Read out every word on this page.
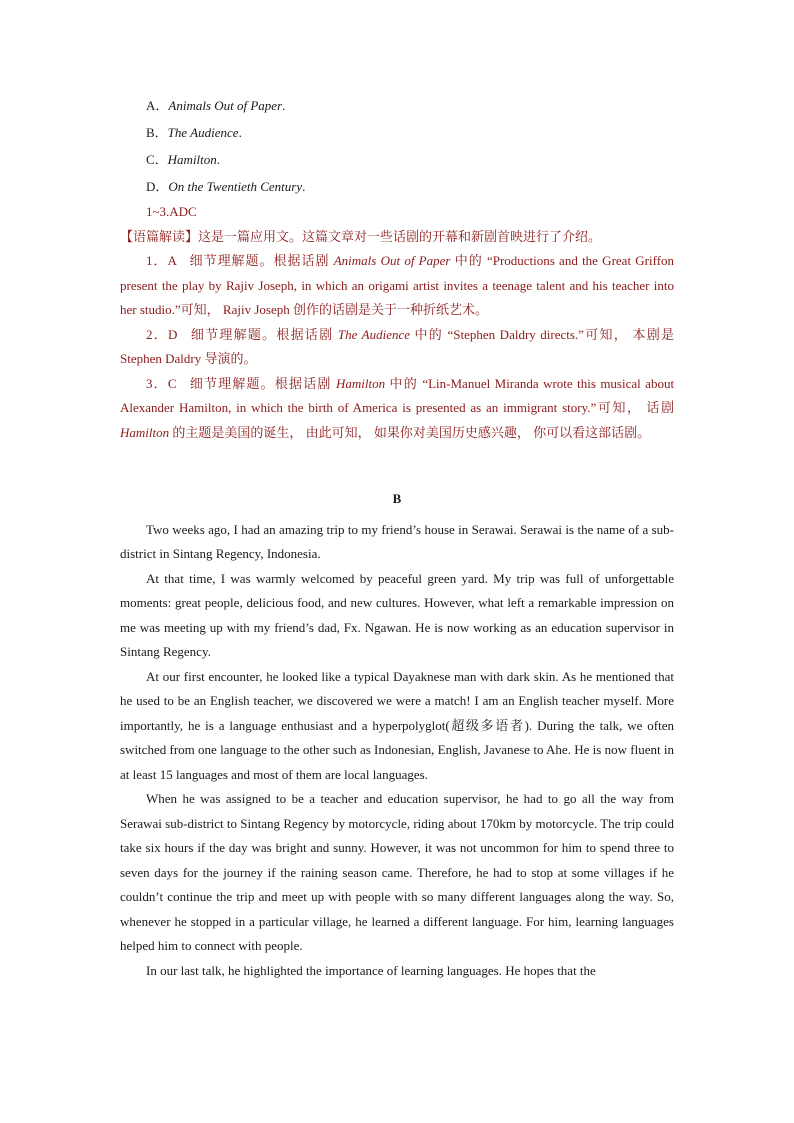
A．Animals Out of Paper.
B．The Audience.
C．Hamilton.
D．On the Twentieth Century.
1~3.ADC
【语篇解读】这是一篇应用文。这篇文章对一些话剧的开幕和新剧首映进行了介绍。
1．A 细节理解题。根据话剧 Animals Out of Paper 中的 “Productions and the Great Griffon present the play by Rajiv Joseph, in which an origami artist invites a teenage talent and his teacher into her studio.”可知， Rajiv Joseph 创作的话剧是关于一种折纸艺术。
2．D 细节理解题。根据话剧 The Audience 中的 “Stephen Daldry directs.”可知， 本剧是 Stephen Daldry 导演的。
3．C 细节理解题。根据话剧 Hamilton 中的 “Lin-Manuel Miranda wrote this musical about Alexander Hamilton, in which the birth of America is presented as an immigrant story.”可知， 话剧 Hamilton 的主题是美国的诞生， 由此可知， 如果你对美国历史感兴趣， 你可以看这部话剧。
B

Two weeks ago, I had an amazing trip to my friend’s house in Serawai. Serawai is the name of a sub-district in Sintang Regency, Indonesia.

At that time, I was warmly welcomed by peaceful green yard. My trip was full of unforgettable moments: great people, delicious food, and new cultures. However, what left a remarkable impression on me was meeting up with my friend’s dad, Fx. Ngawan. He is now working as an education supervisor in Sintang Regency.

At our first encounter, he looked like a typical Dayaknese man with dark skin. As he mentioned that he used to be an English teacher, we discovered we were a match! I am an English teacher myself. More importantly, he is a language enthusiast and a hyperpolyglot(超级多语者). During the talk, we often switched from one language to the other such as Indonesian, English, Javanese to Ahe. He is now fluent in at least 15 languages and most of them are local languages.

When he was assigned to be a teacher and education supervisor, he had to go all the way from Serawai sub-district to Sintang Regency by motorcycle, riding about 170km by motorcycle. The trip could take six hours if the day was bright and sunny. However, it was not uncommon for him to spend three to seven days for the journey if the raining season came. Therefore, he had to stop at some villages if he couldn’t continue the trip and meet up with people with so many different languages along the way. So, whenever he stopped in a particular village, he learned a different language. For him, learning languages helped him to connect with people.

In our last talk, he highlighted the importance of learning languages. He hopes that the
